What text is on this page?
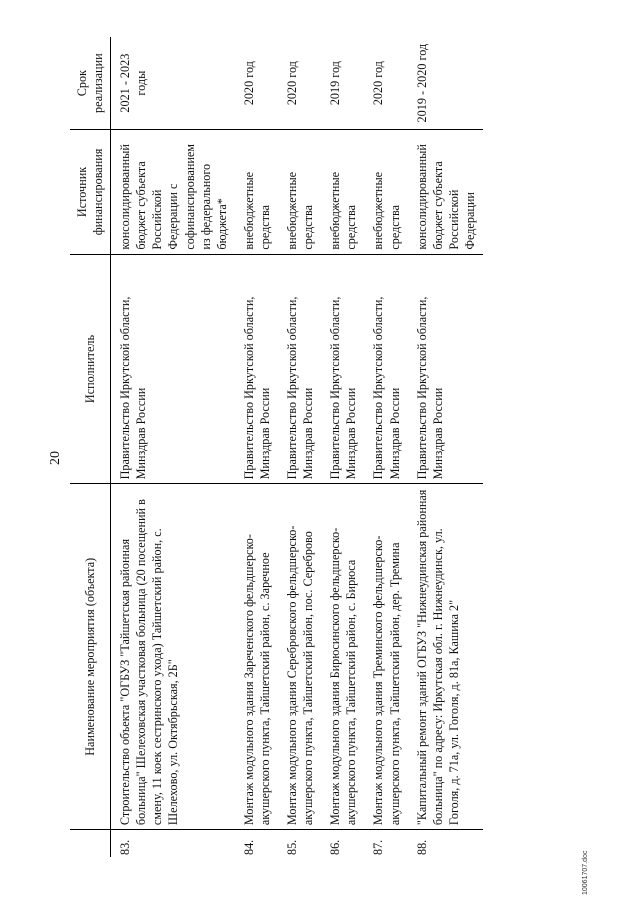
20
	Наименование мероприятия (объекта)	Исполнитель	Источник финансирования	Срок реализации
83.	Строительство объекта "ОГБУЗ "Тайшетская районная больница" Шелеховская участковая больница (20 посещений в смену, 11 коек сестринского ухода) Тайшетский район, с. Шелехово, ул. Октябрьская, 2Б"	Правительство Иркутской области, Минздрав России	консолидированный бюджет субъекта Российской Федерации с софинансированием из федерального бюджета*	2021 - 2023 годы
84.	Монтаж модульного здания Зареченского фельдшерско-акушерского пункта, Тайшетский район, с. Заречное	Правительство Иркутской области, Минздрав России	внебюджетные средства	2020 год
85.	Монтаж модульного здания Серебровского фельдшерско-акушерского пункта, Тайшетский район, пос. Сереброво	Правительство Иркутской области, Минздрав России	внебюджетные средства	2020 год
86.	Монтаж модульного здания Бирюсинского фельдшерско-акушерского пункта, Тайшетский район, с. Бирюса	Правительство Иркутской области, Минздрав России	внебюджетные средства	2019 год
87.	Монтаж модульного здания Треминского фельдшерско-акушерского пункта, Тайшетский район, дер. Тремина	Правительство Иркутской области, Минздрав России	внебюджетные средства	2020 год
88.	"Капитальный ремонт зданий ОГБУЗ "Нижнеудинская районная больница" по адресу: Иркутская обл. г. Нижнеудинск, ул. Гоголя, д. 71а, ул. Гоголя, д. 81а, Кашика 2"	Правительство Иркутской области, Минздрав России	консолидированный бюджет субъекта Российской Федерации	2019 - 2020 год
10061707.doc
